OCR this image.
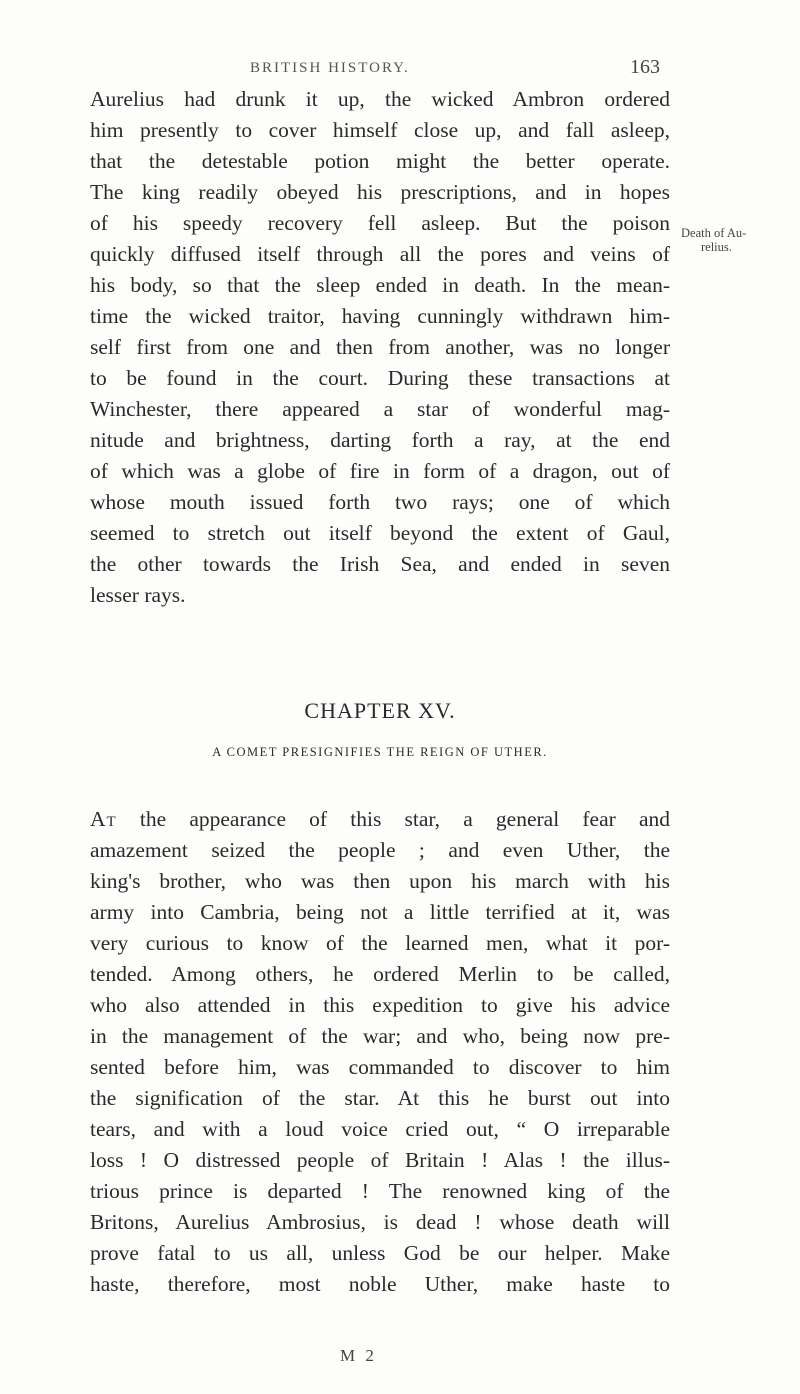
BRITISH HISTORY.	163
Aurelius had drunk it up, the wicked Ambron ordered
him presently to cover himself close up, and fall asleep,
that the detestable potion might the better operate.
The king readily obeyed his prescriptions, and in hopes
of his speedy recovery fell asleep. But the poison
quickly diffused itself through all the pores and veins of
his body, so that the sleep ended in death. In the mean-
time the wicked traitor, having cunningly withdrawn him-
self first from one and then from another, was no longer
to be found in the court. During these transactions at
Winchester, there appeared a star of wonderful mag-
nitude and brightness, darting forth a ray, at the end
of which was a globe of fire in form of a dragon, out of
whose mouth issued forth two rays; one of which
seemed to stretch out itself beyond the extent of Gaul,
the other towards the Irish Sea, and ended in seven
lesser rays.
Death of Au-
relius.
CHAPTER XV.
A COMET PRESIGNIFIES THE REIGN OF UTHER.
At the appearance of this star, a general fear and
amazement seized the people ; and even Uther, the
king's brother, who was then upon his march with his
army into Cambria, being not a little terrified at it, was
very curious to know of the learned men, what it por-
tended. Among others, he ordered Merlin to be called,
who also attended in this expedition to give his advice
in the management of the war; and who, being now pre-
sented before him, was commanded to discover to him
the signification of the star. At this he burst out into
tears, and with a loud voice cried out, “ O irreparable
loss ! O distressed people of Britain ! Alas ! the illus-
trious prince is departed ! The renowned king of the
Britons, Aurelius Ambrosius, is dead ! whose death will
prove fatal to us all, unless God be our helper. Make
haste, therefore, most noble Uther, make haste to
M 2
